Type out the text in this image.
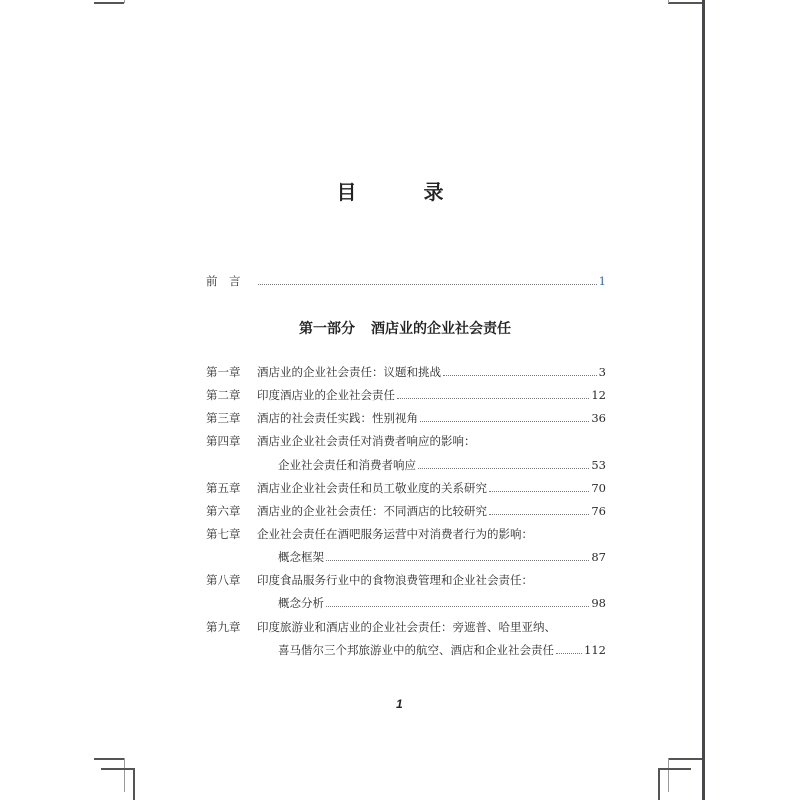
目 录
前　言	1
第一部分 酒店业的企业社会责任
第一章	酒店业的企业社会责任：议题和挑战	3
第二章	印度酒店业的企业社会责任	12
第三章	酒店的社会责任实践：性别视角	36
第四章	酒店业企业社会责任对消费者响应的影响：
企业社会责任和消费者响应	53
第五章	酒店业企业社会责任和员工敬业度的关系研究	70
第六章	酒店业的企业社会责任：不同酒店的比较研究	76
第七章	企业社会责任在酒吧服务运营中对消费者行为的影响：
概念框架	87
第八章	印度食品服务行业中的食物浪费管理和企业社会责任：
概念分析	98
第九章	印度旅游业和酒店业的企业社会责任：旁遮普、哈里亚纳、
喜马偕尔三个邦旅游业中的航空、酒店和企业社会责任	112
1
